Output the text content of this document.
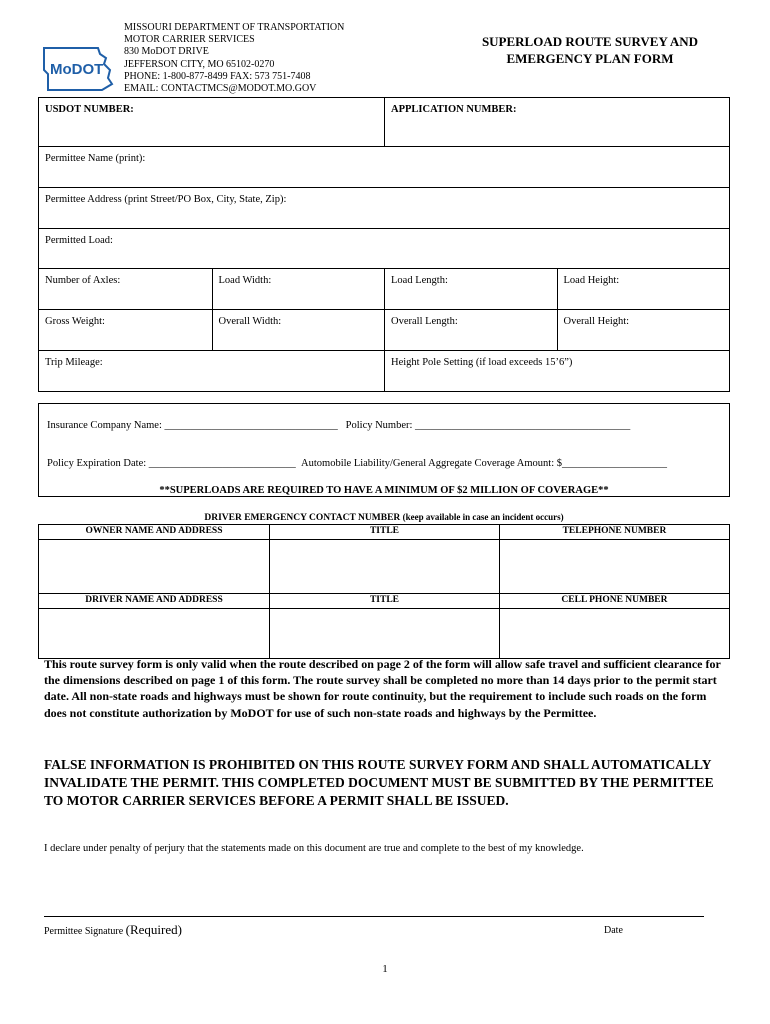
MoDOT
MISSOURI DEPARTMENT OF TRANSPORTATION
MOTOR CARRIER SERVICES
830 MoDOT DRIVE
JEFFERSON CITY, MO 65102-0270
PHONE: 1-800-877-8499 FAX: 573 751-7408
EMAIL: CONTACTMCS@MODOT.MO.GOV
SUPERLOAD ROUTE SURVEY AND
EMERGENCY PLAN FORM
USDOT NUMBER:	APPLICATION NUMBER:
Permittee Name (print):
Permittee Address (print Street/PO Box, City, State, Zip):
Permitted Load:
Number of Axles:	Load Width:	Load Length:	Load Height:
Gross Weight:	Overall Width:	Overall Length:	Overall Height:
Trip Mileage:	Height Pole Setting (if load exceeds 15’6”)
Insurance Company Name: _________________________________ Policy Number: _________________________________________
Policy Expiration Date: ____________________________ Automobile Liability/General Aggregate Coverage Amount: $____________________
**SUPERLOADS ARE REQUIRED TO HAVE A MINIMUM OF $2 MILLION OF COVERAGE**
DRIVER EMERGENCY CONTACT NUMBER (keep available in case an incident occurs)
OWNER NAME AND ADDRESS	TITLE	TELEPHONE NUMBER
DRIVER NAME AND ADDRESS	TITLE	CELL PHONE NUMBER
This route survey form is only valid when the route described on page 2 of the form will allow safe travel and sufficient clearance for the dimensions described on page 1 of this form. The route survey shall be completed no more than 14 days prior to the permit start date. All non-state roads and highways must be shown for route continuity, but the requirement to include such roads on the form does not constitute authorization by MoDOT for use of such non-state roads and highways by the Permittee.
FALSE INFORMATION IS PROHIBITED ON THIS ROUTE SURVEY FORM AND SHALL AUTOMATICALLY INVALIDATE THE PERMIT. THIS COMPLETED DOCUMENT MUST BE SUBMITTED BY THE PERMITTEE TO MOTOR CARRIER SERVICES BEFORE A PERMIT SHALL BE ISSUED.
I declare under penalty of perjury that the statements made on this document are true and complete to the best of my knowledge.
Permittee Signature (Required)	Date
1
